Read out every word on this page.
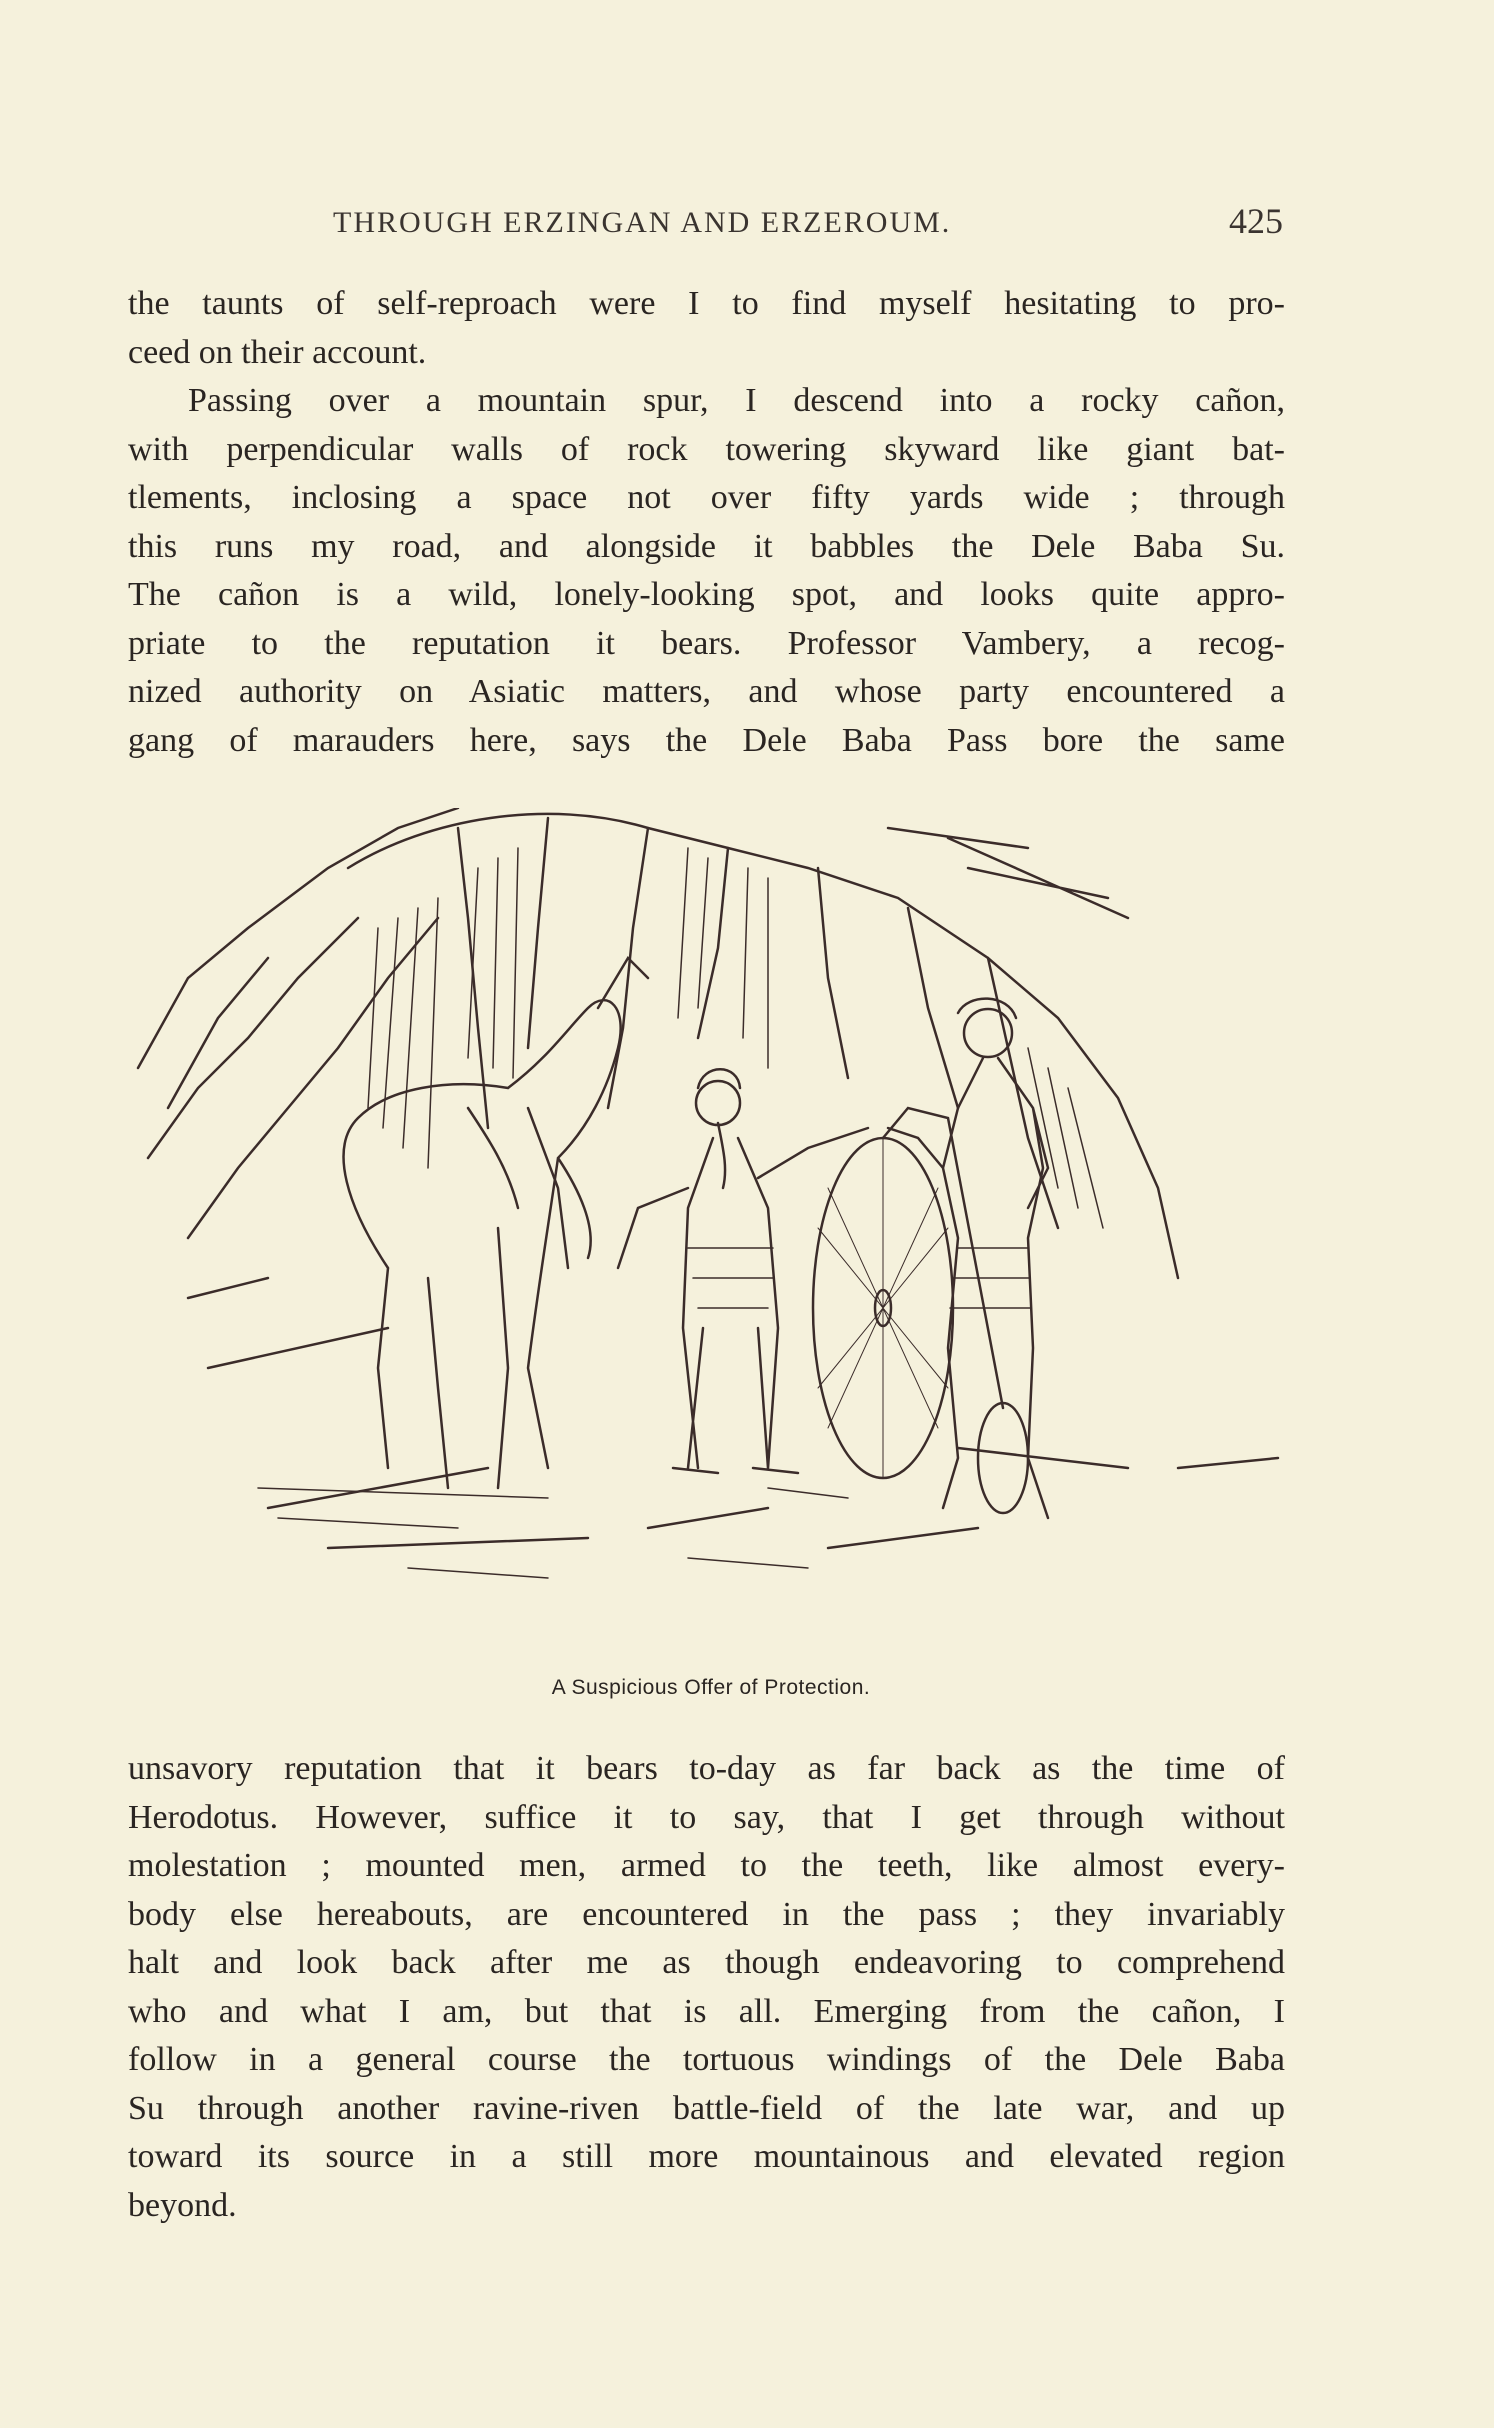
THROUGH ERZINGAN AND ERZEROUM.	425
the taunts of self-reproach were I to find myself hesitating to pro-
ceed on their account.
Passing over a mountain spur, I descend into a rocky cañon,
with perpendicular walls of rock towering skyward like giant bat-
tlements, inclosing a space not over fifty yards wide ; through
this runs my road, and alongside it babbles the Dele Baba Su.
The cañon is a wild, lonely-looking spot, and looks quite appro-
priate to the reputation it bears. Professor Vambery, a recog-
nized authority on Asiatic matters, and whose party encountered a
gang of marauders here, says the Dele Baba Pass bore the same
A Suspicious Offer of Protection.
unsavory reputation that it bears to-day as far back as the time of
Herodotus. However, suffice it to say, that I get through without
molestation ; mounted men, armed to the teeth, like almost every-
body else hereabouts, are encountered in the pass ; they invariably
halt and look back after me as though endeavoring to comprehend
who and what I am, but that is all. Emerging from the cañon, I
follow in a general course the tortuous windings of the Dele Baba
Su through another ravine-riven battle-field of the late war, and up
toward its source in a still more mountainous and elevated region
beyond.
